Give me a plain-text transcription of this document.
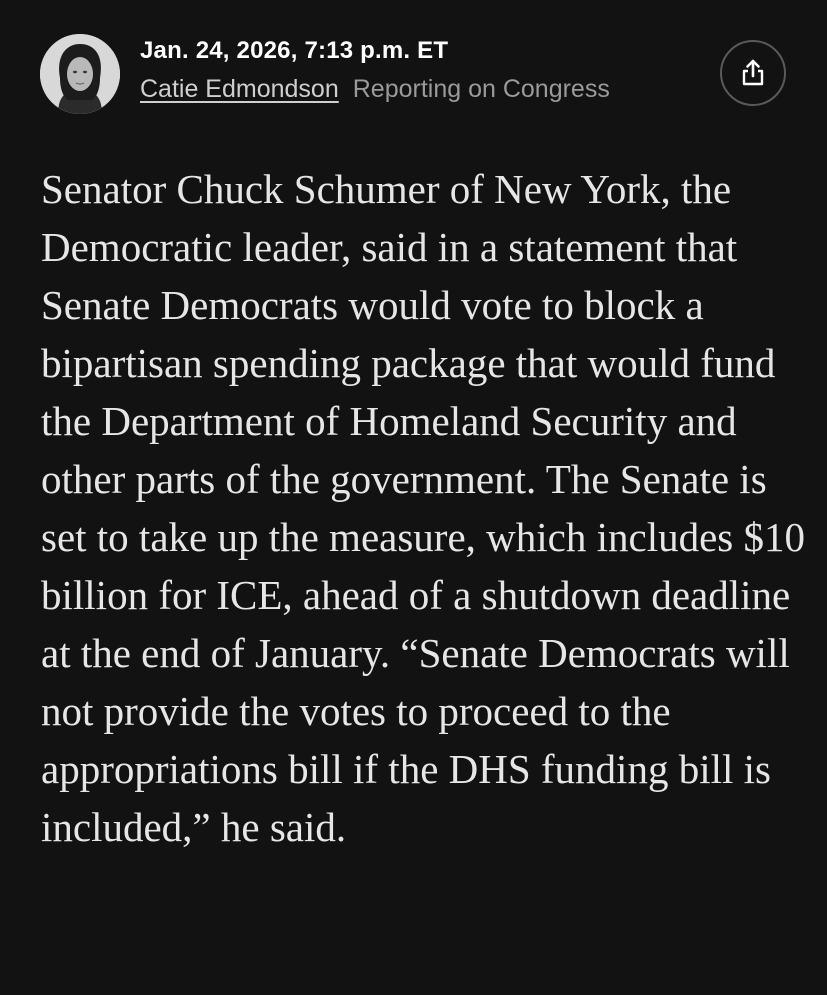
Jan. 24, 2026, 7:13 p.m. ET
Catie Edmondson Reporting on Congress

Senator Chuck Schumer of New York, the Democratic leader, said in a statement that Senate Democrats would vote to block a bipartisan spending package that would fund the Department of Homeland Security and other parts of the government. The Senate is set to take up the measure, which includes $10 billion for ICE, ahead of a shutdown deadline at the end of January. “Senate Democrats will not provide the votes to proceed to the appropriations bill if the DHS funding bill is included,” he said.
